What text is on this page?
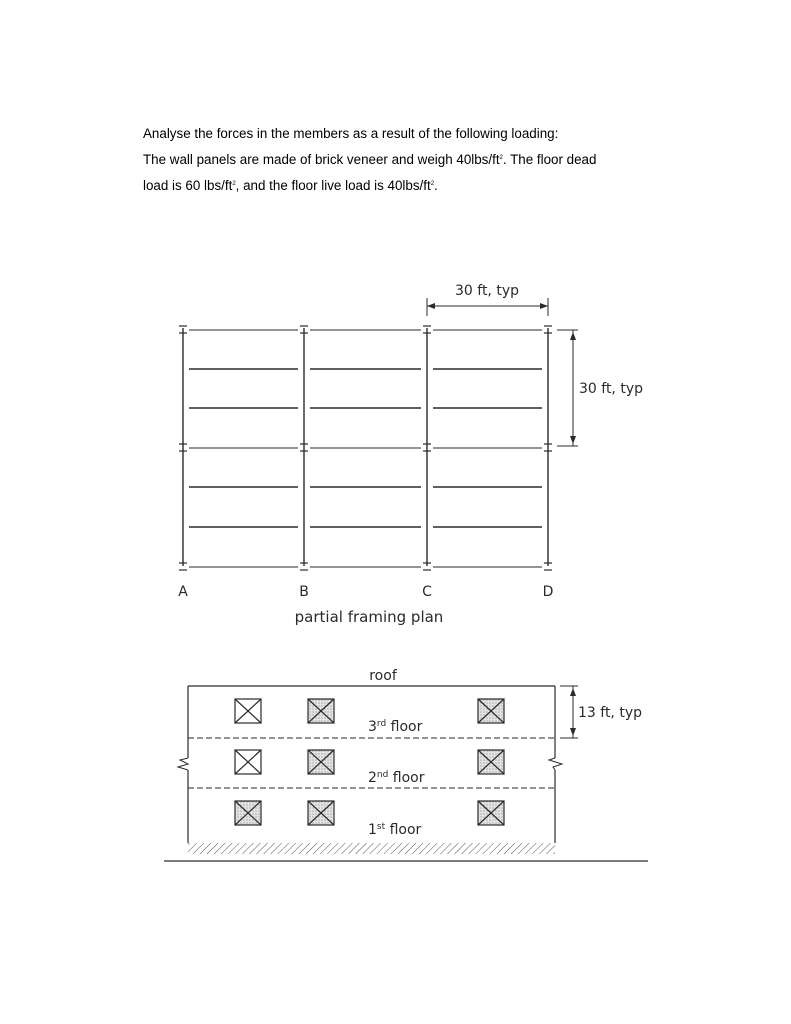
Analyse the forces in the members as a result of the following loading:

The wall panels are made of brick veneer and weigh $40lbs/ft^2$. The floor dead

load is 60 lbs/$ft^2$, and the floor live load is $40lbs/ft^2$.

30 ft, typ
30 ft, typ
A	B	C	D
partial framing plan
roof
13 ft, typ
3rd floor
2nd floor
1st floor
